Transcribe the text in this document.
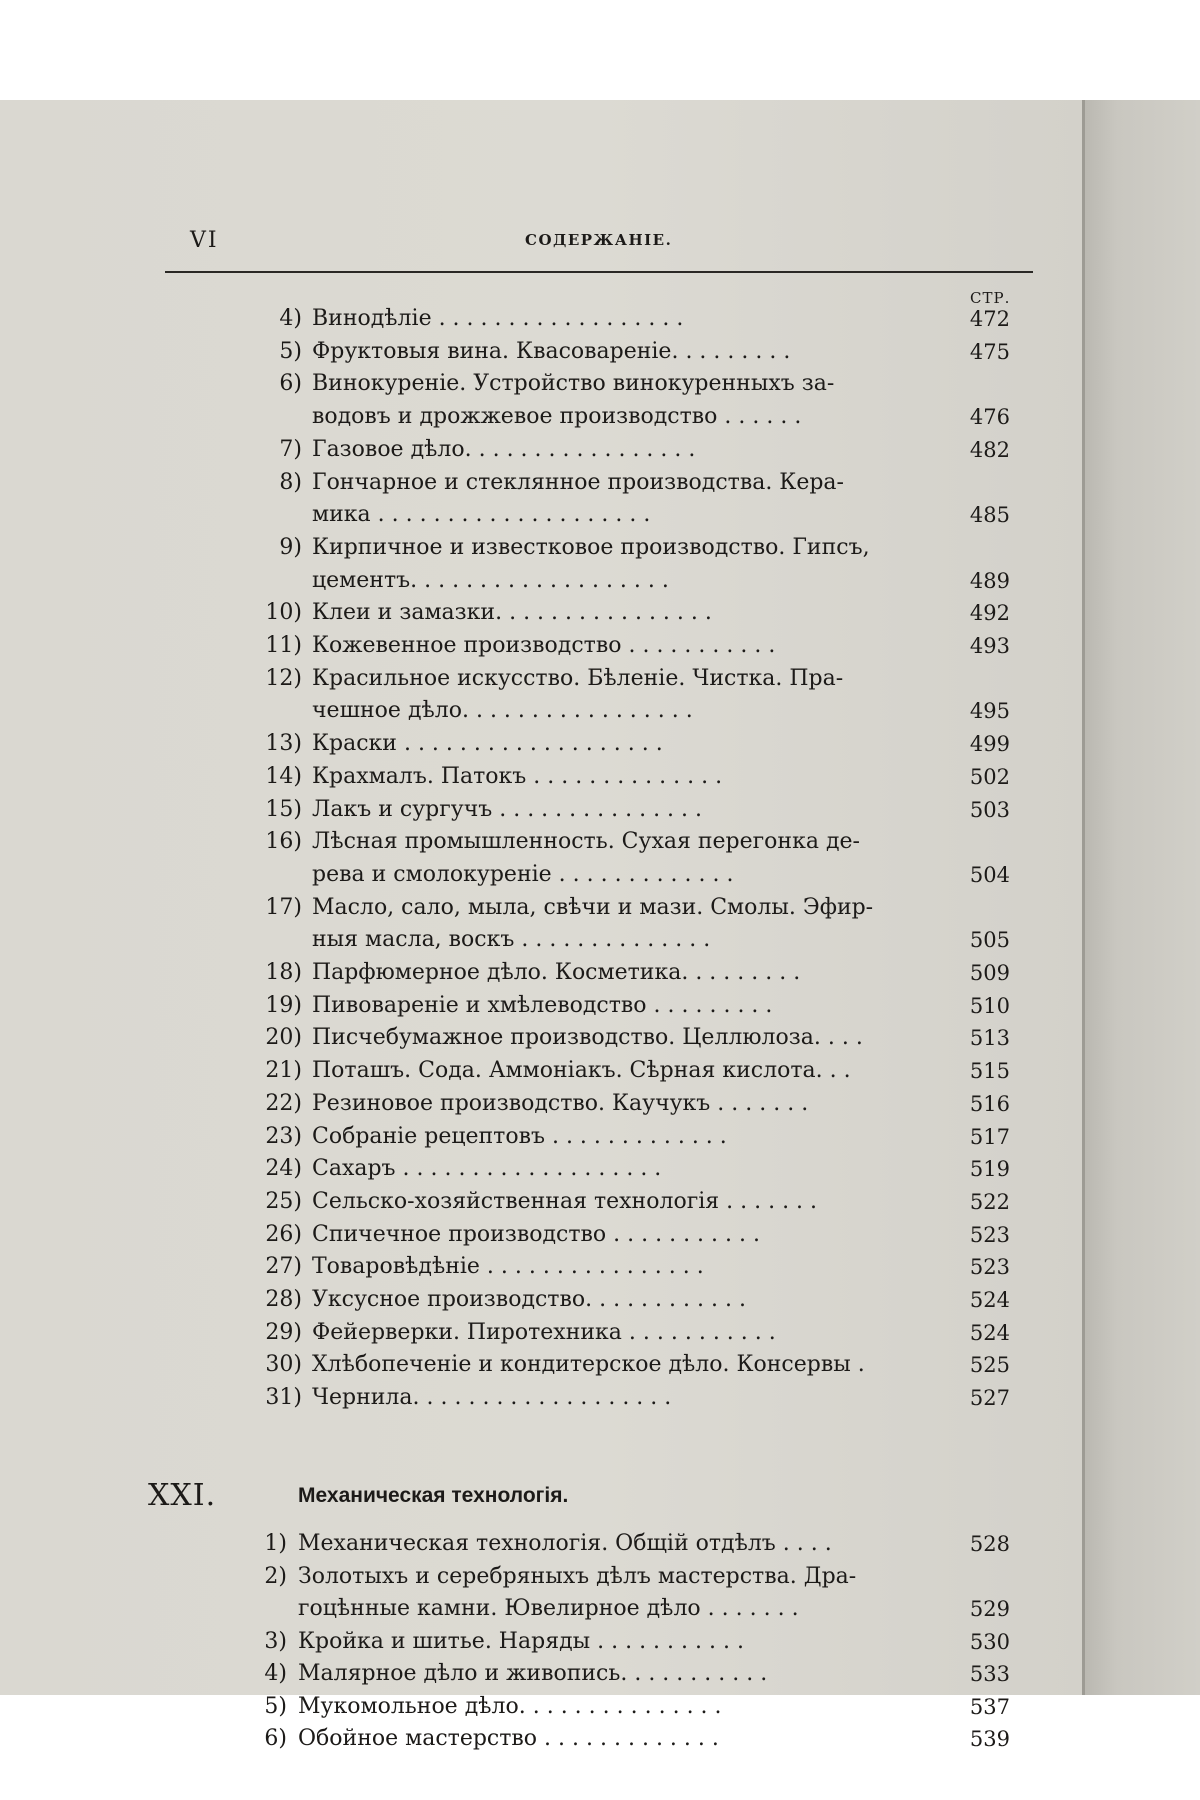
VI	СОДЕРЖАНІЕ.
СТР.
4) Винодѣліе . . . . . . . . . . . . . . . . . .	472
5) Фруктовыя вина. Квасовареніе. . . . . . . . .	475
6) Винокуреніе. Устройство винокуренныхъ за-
водовъ и дрожжевое производство . . . . . .	476
7) Газовое дѣло. . . . . . . . . . . . . . . . .	482
8) Гончарное и стеклянное производства. Кера-
мика . . . . . . . . . . . . . . . . . . . .	485
9) Кирпичное и известковое производство. Гипсъ,
цементъ. . . . . . . . . . . . . . . . . . .	489
10) Клеи и замазки. . . . . . . . . . . . . . . .	492
11) Кожевенное производство . . . . . . . . . . .	493
12) Красильное искусство. Бѣленіе. Чистка. Пра-
чешное дѣло. . . . . . . . . . . . . . . . .	495
13) Краски . . . . . . . . . . . . . . . . . . .	499
14) Крахмалъ. Патокъ . . . . . . . . . . . . . .	502
15) Лакъ и сургучъ . . . . . . . . . . . . . . .	503
16) Лѣсная промышленность. Сухая перегонка де-
рева и смолокуреніе . . . . . . . . . . . . .	504
17) Масло, сало, мыла, свѣчи и мази. Смолы. Эфир-
ныя масла, воскъ . . . . . . . . . . . . . .	505
18) Парфюмерное дѣло. Косметика. . . . . . . . .	509
19) Пивовареніе и хмѣлеводство . . . . . . . . .	510
20) Писчебумажное производство. Целлюлоза. . . .	513
21) Поташъ. Сода. Аммоніакъ. Сѣрная кислота. . .	515
22) Резиновое производство. Каучукъ . . . . . . .	516
23) Собраніе рецептовъ . . . . . . . . . . . . .	517
24) Сахаръ . . . . . . . . . . . . . . . . . . .	519
25) Сельско-хозяйственная технологія . . . . . . .	522
26) Спичечное производство . . . . . . . . . . .	523
27) Товаровѣдѣніе . . . . . . . . . . . . . . . .	523
28) Уксусное производство. . . . . . . . . . . .	524
29) Фейерверки. Пиротехника . . . . . . . . . . .	524
30) Хлѣбопеченіе и кондитерское дѣло. Консервы .	525
31) Чернила. . . . . . . . . . . . . . . . . . .	527
XXI.	Механическая технологія.
1) Механическая технологія. Общій отдѣлъ . . . .	528
2) Золотыхъ и серебряныхъ дѣлъ мастерства. Дра-
гоцѣнные камни. Ювелирное дѣло . . . . . . .	529
3) Кройка и шитье. Наряды . . . . . . . . . . .	530
4) Малярное дѣло и живопись. . . . . . . . . . .	533
5) Мукомольное дѣло. . . . . . . . . . . . . . .	537
6) Обойное мастерство . . . . . . . . . . . . .	539
